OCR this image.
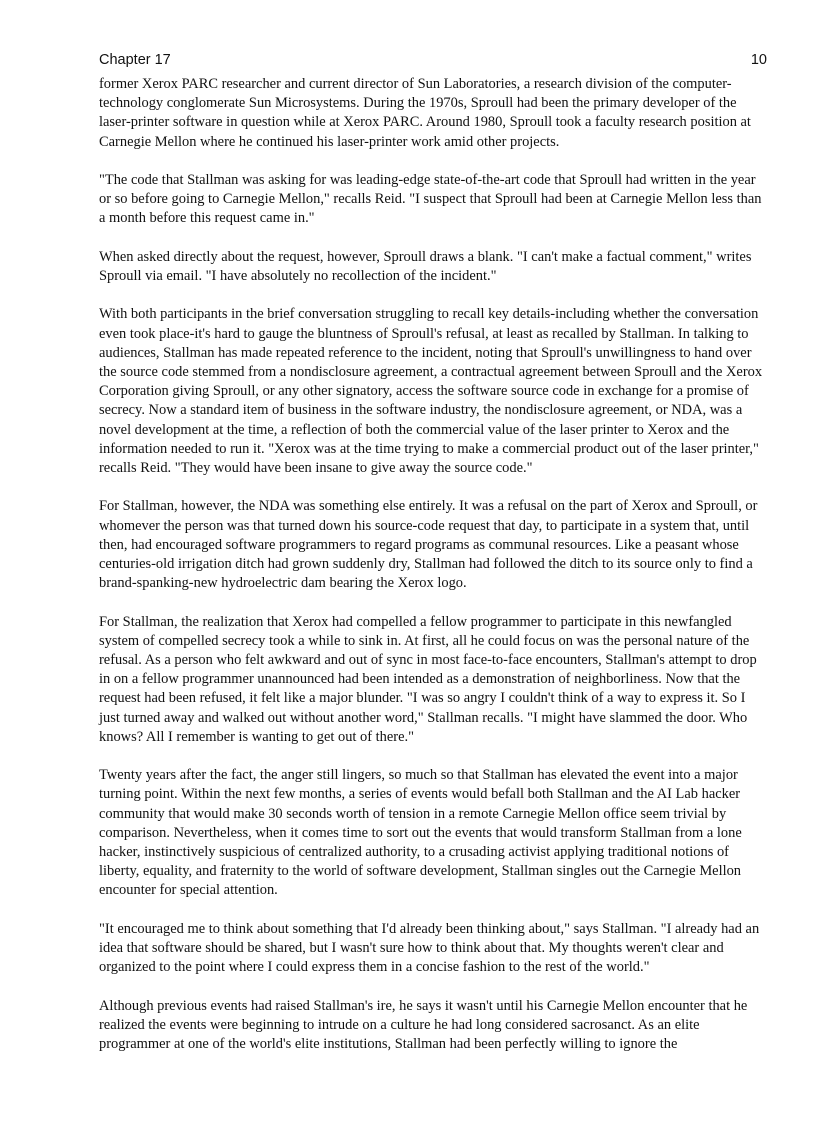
Chapter 17	10

former Xerox PARC researcher and current director of Sun Laboratories, a research division of the computer-technology conglomerate Sun Microsystems. During the 1970s, Sproull had been the primary developer of the laser-printer software in question while at Xerox PARC. Around 1980, Sproull took a faculty research position at Carnegie Mellon where he continued his laser-printer work amid other projects.

"The code that Stallman was asking for was leading-edge state-of-the-art code that Sproull had written in the year or so before going to Carnegie Mellon," recalls Reid. "I suspect that Sproull had been at Carnegie Mellon less than a month before this request came in."

When asked directly about the request, however, Sproull draws a blank. "I can't make a factual comment," writes Sproull via email. "I have absolutely no recollection of the incident."

With both participants in the brief conversation struggling to recall key details-including whether the conversation even took place-it's hard to gauge the bluntness of Sproull's refusal, at least as recalled by Stallman. In talking to audiences, Stallman has made repeated reference to the incident, noting that Sproull's unwillingness to hand over the source code stemmed from a nondisclosure agreement, a contractual agreement between Sproull and the Xerox Corporation giving Sproull, or any other signatory, access the software source code in exchange for a promise of secrecy. Now a standard item of business in the software industry, the nondisclosure agreement, or NDA, was a novel development at the time, a reflection of both the commercial value of the laser printer to Xerox and the information needed to run it. "Xerox was at the time trying to make a commercial product out of the laser printer," recalls Reid. "They would have been insane to give away the source code."

For Stallman, however, the NDA was something else entirely. It was a refusal on the part of Xerox and Sproull, or whomever the person was that turned down his source-code request that day, to participate in a system that, until then, had encouraged software programmers to regard programs as communal resources. Like a peasant whose centuries-old irrigation ditch had grown suddenly dry, Stallman had followed the ditch to its source only to find a brand-spanking-new hydroelectric dam bearing the Xerox logo.

For Stallman, the realization that Xerox had compelled a fellow programmer to participate in this newfangled system of compelled secrecy took a while to sink in. At first, all he could focus on was the personal nature of the refusal. As a person who felt awkward and out of sync in most face-to-face encounters, Stallman's attempt to drop in on a fellow programmer unannounced had been intended as a demonstration of neighborliness. Now that the request had been refused, it felt like a major blunder. "I was so angry I couldn't think of a way to express it. So I just turned away and walked out without another word," Stallman recalls. "I might have slammed the door. Who knows? All I remember is wanting to get out of there."

Twenty years after the fact, the anger still lingers, so much so that Stallman has elevated the event into a major turning point. Within the next few months, a series of events would befall both Stallman and the AI Lab hacker community that would make 30 seconds worth of tension in a remote Carnegie Mellon office seem trivial by comparison. Nevertheless, when it comes time to sort out the events that would transform Stallman from a lone hacker, instinctively suspicious of centralized authority, to a crusading activist applying traditional notions of liberty, equality, and fraternity to the world of software development, Stallman singles out the Carnegie Mellon encounter for special attention.

"It encouraged me to think about something that I'd already been thinking about," says Stallman. "I already had an idea that software should be shared, but I wasn't sure how to think about that. My thoughts weren't clear and organized to the point where I could express them in a concise fashion to the rest of the world."

Although previous events had raised Stallman's ire, he says it wasn't until his Carnegie Mellon encounter that he realized the events were beginning to intrude on a culture he had long considered sacrosanct. As an elite programmer at one of the world's elite institutions, Stallman had been perfectly willing to ignore the
